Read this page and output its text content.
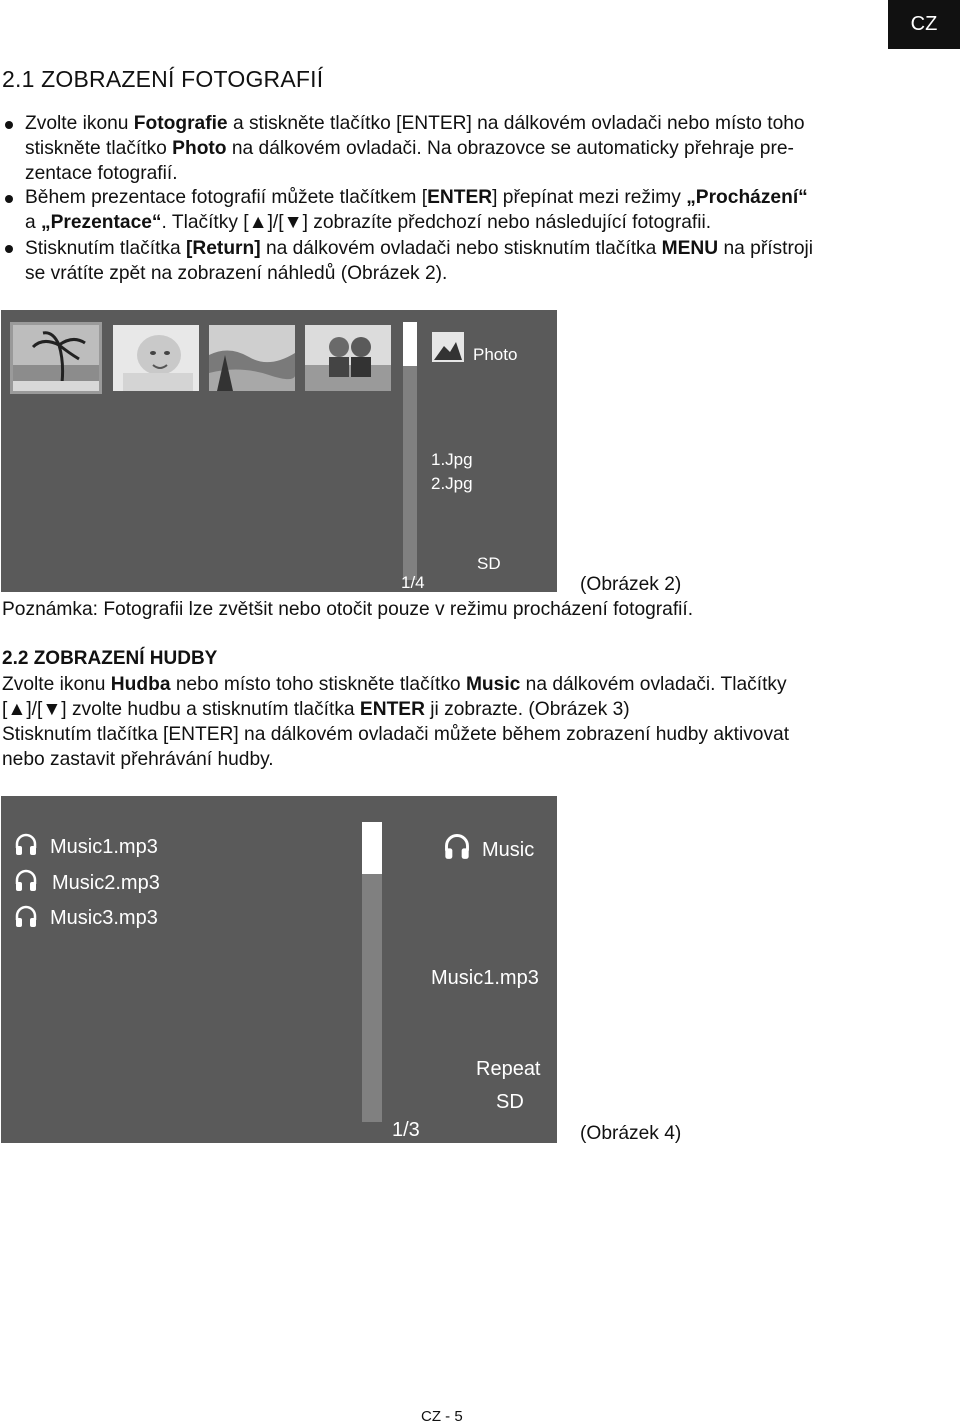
CZ
2.1 ZOBRAZENÍ FOTOGRAFIÍ
Zvolte ikonu Fotografie a stiskněte tlačítko [ENTER] na dálkovém ovladači nebo místo toho
stiskněte tlačítko Photo na dálkovém ovladači. Na obrazovce se automaticky přehraje pre-
zentace fotografií.
Během prezentace fotografií můžete tlačítkem [ENTER] přepínat mezi režimy „Procházení“
a „Prezentace“. Tlačítky [▲]/[▼] zobrazíte předchozí nebo následující fotografii.
Stisknutím tlačítka [Return] na dálkovém ovladači nebo stisknutím tlačítka MENU na přístroji
se vrátíte zpět na zobrazení náhledů (Obrázek 2).
Photo
1.Jpg
2.Jpg
SD
1/4	(Obrázek 2)
Poznámka: Fotografii lze zvětšit nebo otočit pouze v režimu procházení fotografií.
2.2 ZOBRAZENÍ HUDBY
Zvolte ikonu Hudba nebo místo toho stiskněte tlačítko Music na dálkovém ovladači. Tlačítky
[▲]/[▼] zvolte hudbu a stisknutím tlačítka ENTER ji zobrazte. (Obrázek 3)
Stisknutím tlačítka [ENTER] na dálkovém ovladači můžete během zobrazení hudby aktivovat
nebo zastavit přehrávání hudby.
Music1.mp3
Music2.mp3
Music3.mp3
Music
Music1.mp3
Repeat
SD
1/3	(Obrázek 4)
CZ - 5
